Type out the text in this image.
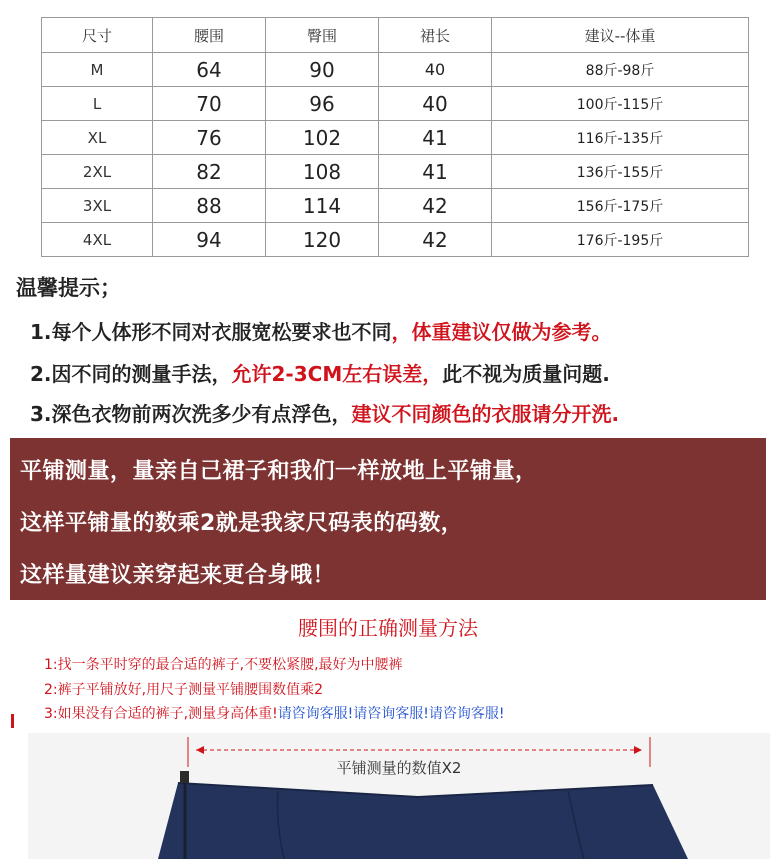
尺寸	腰围	臀围	裙长	建议--体重
M	64	90	40	88斤-98斤
L	70	96	40	100斤-115斤
XL	76	102	41	116斤-135斤
2XL	82	108	41	136斤-155斤
3XL	88	114	42	156斤-175斤
4XL	94	120	42	176斤-195斤
温馨提示；

1.每个人体形不同对衣服宽松要求也不同，体重建议仅做为参考。

2.因不同的测量手法，允许2-3CM左右误差，此不视为质量问题.

3.深色衣物前两次洗多少有点浮色，建议不同颜色的衣服请分开洗.

平铺测量，量亲自己裙子和我们一样放地上平铺量，

这样平铺量的数乘2就是我家尺码表的码数，

这样量建议亲穿起来更合身哦！

腰围的正确测量方法

1:找一条平时穿的最合适的裤子,不要松紧腰,最好为中腰裤

2:裤子平铺放好,用尺子测量平铺腰围数值乘2

3:如果没有合适的裤子,测量身高体重!请咨询客服!请咨询客服!请咨询客服!

平铺测量的数值X2
